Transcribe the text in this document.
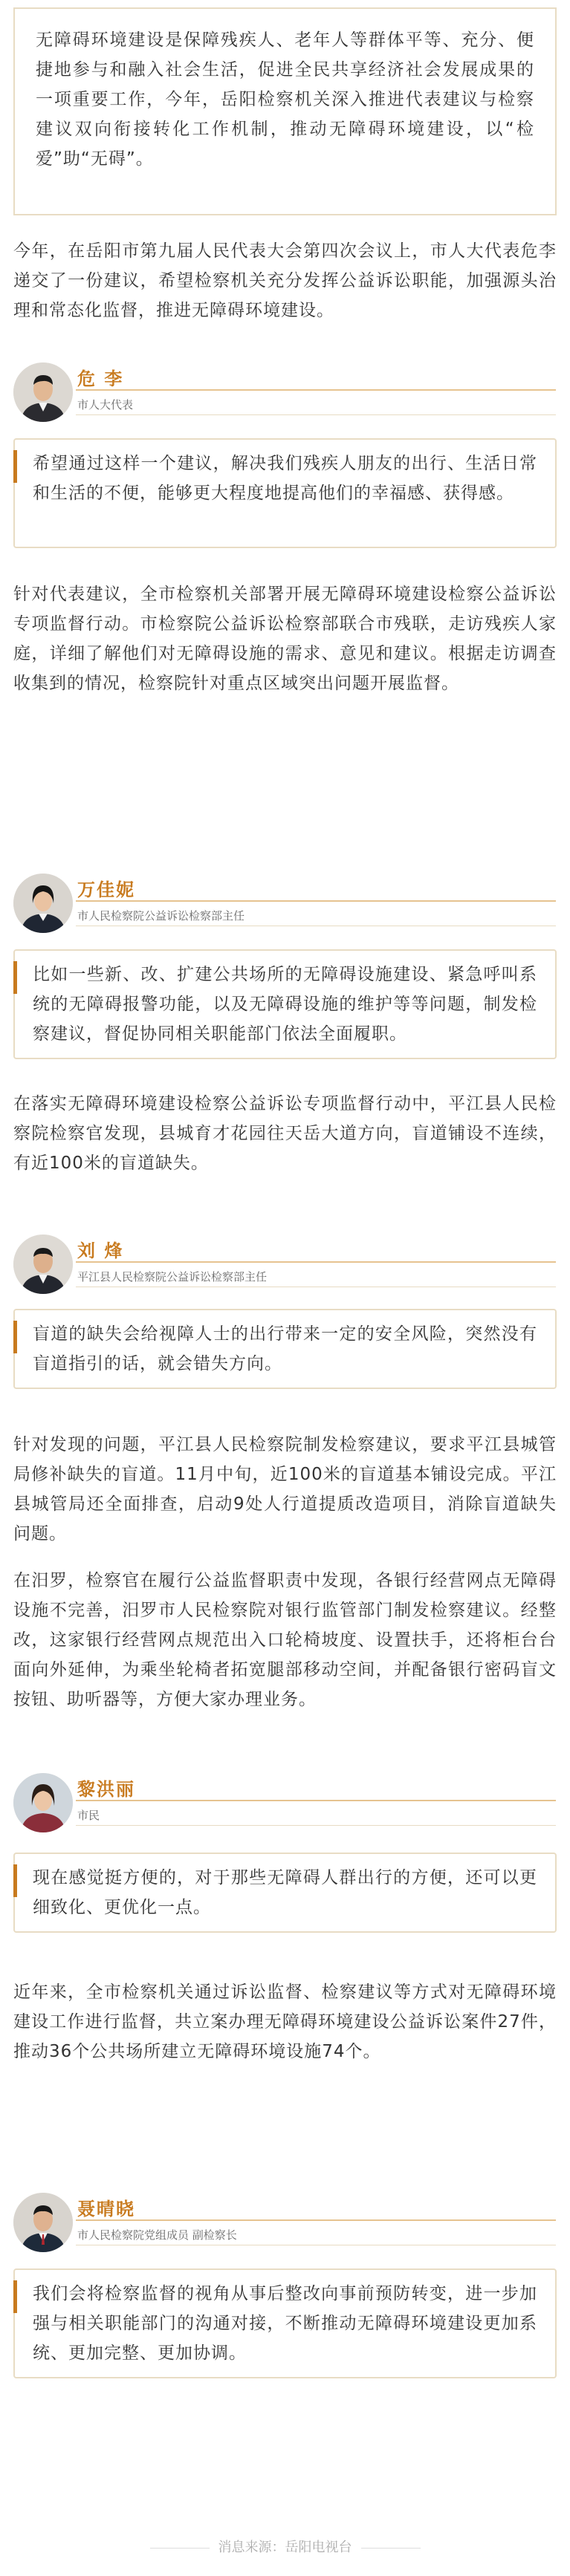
无障碍环境建设是保障残疾人、老年人等群体平等、充分、便捷地参与和融入社会生活，促进全民共享经济社会发展成果的一项重要工作，今年，岳阳检察机关深入推进代表建议与检察建议双向衔接转化工作机制，推动无障碍环境建设，以“检爱”助“无碍”。

今年，在岳阳市第九届人民代表大会第四次会议上，市人大代表危李递交了一份建议，希望检察机关充分发挥公益诉讼职能，加强源头治理和常态化监督，推进无障碍环境建设。

危 李
市人大代表

希望通过这样一个建议，解决我们残疾人朋友的出行、生活日常和生活的不便，能够更大程度地提高他们的幸福感、获得感。

针对代表建议，全市检察机关部署开展无障碍环境建设检察公益诉讼专项监督行动。市检察院公益诉讼检察部联合市残联，走访残疾人家庭，详细了解他们对无障碍设施的需求、意见和建议。根据走访调查收集到的情况，检察院针对重点区域突出问题开展监督。

万佳妮
市人民检察院公益诉讼检察部主任

比如一些新、改、扩建公共场所的无障碍设施建设、紧急呼叫系统的无障碍报警功能，以及无障碍设施的维护等等问题，制发检察建议，督促协同相关职能部门依法全面履职。

在落实无障碍环境建设检察公益诉讼专项监督行动中，平江县人民检察院检察官发现，县城育才花园往天岳大道方向，盲道铺设不连续，有近100米的盲道缺失。

刘 烽
平江县人民检察院公益诉讼检察部主任

盲道的缺失会给视障人士的出行带来一定的安全风险，突然没有盲道指引的话，就会错失方向。

针对发现的问题，平江县人民检察院制发检察建议，要求平江县城管局修补缺失的盲道。11月中旬，近100米的盲道基本铺设完成。平江县城管局还全面排查，启动9处人行道提质改造项目，消除盲道缺失问题。

在汨罗，检察官在履行公益监督职责中发现，各银行经营网点无障碍设施不完善，汨罗市人民检察院对银行监管部门制发检察建议。经整改，这家银行经营网点规范出入口轮椅坡度、设置扶手，还将柜台台面向外延伸，为乘坐轮椅者拓宽腿部移动空间，并配备银行密码盲文按钮、助听器等，方便大家办理业务。

黎洪丽
市民

现在感觉挺方便的，对于那些无障碍人群出行的方便，还可以更细致化、更优化一点。

近年来，全市检察机关通过诉讼监督、检察建议等方式对无障碍环境建设工作进行监督，共立案办理无障碍环境建设公益诉讼案件27件，推动36个公共场所建立无障碍环境设施74个。

聂晴晓
市人民检察院党组成员 副检察长

我们会将检察监督的视角从事后整改向事前预防转变，进一步加强与相关职能部门的沟通对接，不断推动无障碍环境建设更加系统、更加完整、更加协调。

消息来源：岳阳电视台
